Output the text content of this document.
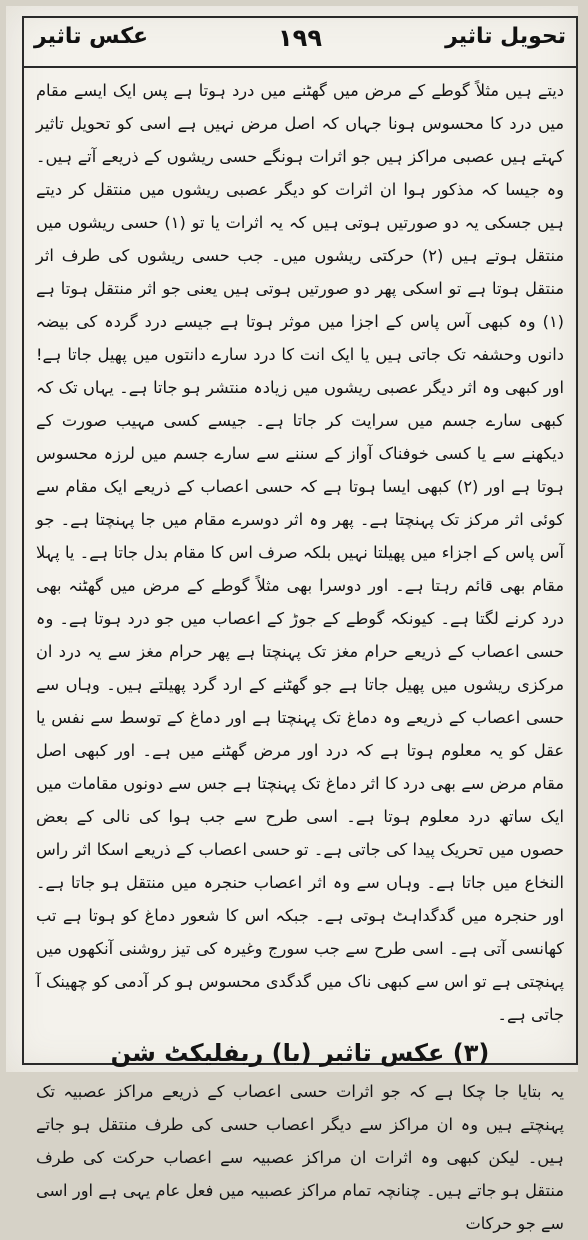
تحویل تاثیر
۱۹۹
عکس تاثیر

دیتے ہیں مثلاً گوطے کے مرض میں گھٹنے میں درد ہوتا ہے پس ایک ایسے مقام میں درد کا محسوس ہونا جہاں کہ اصل مرض نہیں ہے اسی کو تحویل تاثیر کہتے ہیں عصبی مراکز ہیں جو اثرات ہونگے حسی ریشوں کے ذریعے آتے ہیں۔ وہ جیسا کہ مذکور ہوا ان اثرات کو دیگر عصبی ریشوں میں منتقل کر دیتے ہیں جسکی یہ دو صورتیں ہوتی ہیں کہ یہ اثرات یا تو (۱) حسی ریشوں میں منتقل ہوتے ہیں (۲) حرکتی ریشوں میں۔ جب حسی ریشوں کی طرف اثر منتقل ہوتا ہے تو اسکی پھر دو صورتیں ہوتی ہیں یعنی جو اثر منتقل ہوتا ہے (۱) وہ کبھی آس پاس کے اجزا میں موثر ہوتا ہے جیسے درد گردہ کی بیضہ دانوں وحشفہ تک جاتی ہیں یا ایک انت کا درد سارے دانتوں میں پھیل جاتا ہے! اور کبھی وہ اثر دیگر عصبی ریشوں میں زیادہ منتشر ہو جاتا ہے۔ یہاں تک کہ کبھی سارے جسم میں سرایت کر جاتا ہے۔ جیسے کسی مہیب صورت کے دیکھنے سے یا کسی خوفناک آواز کے سننے سے سارے جسم میں لرزہ محسوس ہوتا ہے اور (۲) کبھی ایسا ہوتا ہے کہ حسی اعصاب کے ذریعے ایک مقام سے کوئی اثر مرکز تک پہنچتا ہے۔ پھر وہ اثر دوسرے مقام میں جا پہنچتا ہے۔ جو آس پاس کے اجزاء میں پھیلتا نہیں بلکہ صرف اس کا مقام بدل جاتا ہے۔ یا پہلا مقام بھی قائم رہتا ہے۔ اور دوسرا بھی مثلاً گوطے کے مرض میں گھٹنہ بھی درد کرنے لگتا ہے۔ کیونکہ گوطے کے جوڑ کے اعصاب میں جو درد ہوتا ہے۔ وہ حسی اعصاب کے ذریعے حرام مغز تک پہنچتا ہے پھر حرام مغز سے یہ درد ان مرکزی ریشوں میں پھیل جاتا ہے جو گھٹنے کے ارد گرد پھیلتے ہیں۔ وہاں سے حسی اعصاب کے ذریعے وہ دماغ تک پہنچتا ہے اور دماغ کے توسط سے نفس یا عقل کو یہ معلوم ہوتا ہے کہ درد اور مرض گھٹنے میں ہے۔ اور کبھی اصل مقام مرض سے بھی درد کا اثر دماغ تک پہنچتا ہے جس سے دونوں مقامات میں ایک ساتھ درد معلوم ہوتا ہے۔ اسی طرح سے جب ہوا کی نالی کے بعض حصوں میں تحریک پیدا کی جاتی ہے۔ تو حسی اعصاب کے ذریعے اسکا اثر راس النخاع میں جاتا ہے۔ وہاں سے وہ اثر اعصاب حنجرہ میں منتقل ہو جاتا ہے۔ اور حنجرہ میں گدگداہٹ ہوتی ہے۔ جبکہ اس کا شعور دماغ کو ہوتا ہے تب کھانسی آتی ہے۔ اسی طرح سے جب سورج وغیرہ کی تیز روشنی آنکھوں میں پہنچتی ہے تو اس سے کبھی ناک میں گدگدی محسوس ہو کر آدمی کو چھینک آ جاتی ہے۔

(۳) عکس تاثیر (یا) ریفلیکٹ شن

یہ بتایا جا چکا ہے کہ جو اثرات حسی اعصاب کے ذریعے مراکز عصبیہ تک پہنچتے ہیں وہ ان مراکز سے دیگر اعصاب حسی کی طرف منتقل ہو جاتے ہیں۔ لیکن کبھی وہ اثرات ان مراکز عصبیہ سے اعصاب حرکت کی طرف منتقل ہو جاتے ہیں۔ چنانچہ تمام مراکز عصبیہ میں فعل عام یہی ہے اور اسی سے جو حرکات
